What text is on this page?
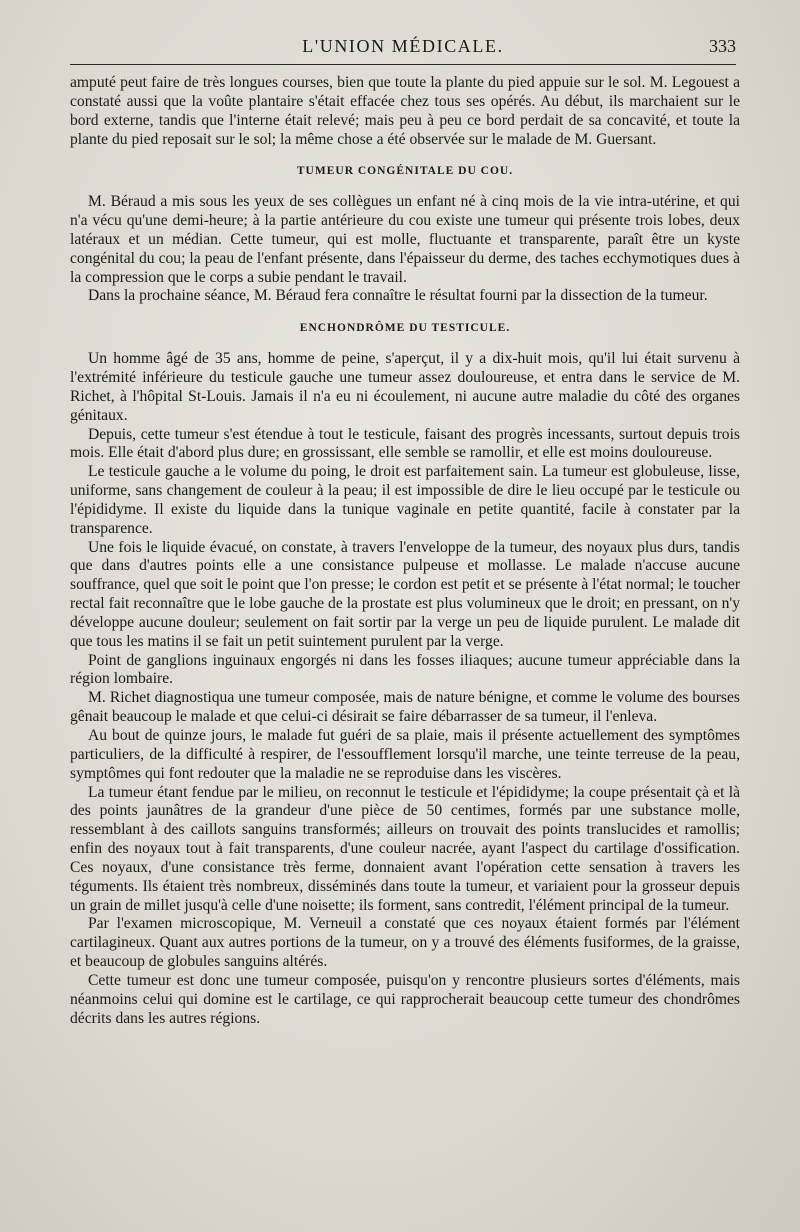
L'UNION MÉDICALE.	333

amputé peut faire de très longues courses, bien que toute la plante du pied appuie sur le sol. M. Legouest a constaté aussi que la voûte plantaire s'était effacée chez tous ses opérés. Au début, ils marchaient sur le bord externe, tandis que l'interne était relevé; mais peu à peu ce bord perdait de sa concavité, et toute la plante du pied reposait sur le sol; la même chose a été observée sur le malade de M. Guersant.

TUMEUR CONGÉNITALE DU COU.

M. Béraud a mis sous les yeux de ses collègues un enfant né à cinq mois de la vie intra-utérine, et qui n'a vécu qu'une demi-heure; à la partie antérieure du cou existe une tumeur qui présente trois lobes, deux latéraux et un médian. Cette tumeur, qui est molle, fluctuante et transparente, paraît être un kyste congénital du cou; la peau de l'enfant présente, dans l'épaisseur du derme, des taches ecchymotiques dues à la compression que le corps a subie pendant le travail.

Dans la prochaine séance, M. Béraud fera connaître le résultat fourni par la dissection de la tumeur.

ENCHONDRÔME DU TESTICULE.

Un homme âgé de 35 ans, homme de peine, s'aperçut, il y a dix-huit mois, qu'il lui était survenu à l'extrémité inférieure du testicule gauche une tumeur assez douloureuse, et entra dans le service de M. Richet, à l'hôpital St-Louis. Jamais il n'a eu ni écoulement, ni aucune autre maladie du côté des organes génitaux.

Depuis, cette tumeur s'est étendue à tout le testicule, faisant des progrès incessants, surtout depuis trois mois. Elle était d'abord plus dure; en grossissant, elle semble se ramollir, et elle est moins douloureuse.

Le testicule gauche a le volume du poing, le droit est parfaitement sain. La tumeur est globuleuse, lisse, uniforme, sans changement de couleur à la peau; il est impossible de dire le lieu occupé par le testicule ou l'épididyme. Il existe du liquide dans la tunique vaginale en petite quantité, facile à constater par la transparence.

Une fois le liquide évacué, on constate, à travers l'enveloppe de la tumeur, des noyaux plus durs, tandis que dans d'autres points elle a une consistance pulpeuse et mollasse. Le malade n'accuse aucune souffrance, quel que soit le point que l'on presse; le cordon est petit et se présente à l'état normal; le toucher rectal fait reconnaître que le lobe gauche de la prostate est plus volumineux que le droit; en pressant, on n'y développe aucune douleur; seulement on fait sortir par la verge un peu de liquide purulent. Le malade dit que tous les matins il se fait un petit suintement purulent par la verge.

Point de ganglions inguinaux engorgés ni dans les fosses iliaques; aucune tumeur appréciable dans la région lombaire.

M. Richet diagnostiqua une tumeur composée, mais de nature bénigne, et comme le volume des bourses gênait beaucoup le malade et que celui-ci désirait se faire débarrasser de sa tumeur, il l'enleva.

Au bout de quinze jours, le malade fut guéri de sa plaie, mais il présente actuellement des symptômes particuliers, de la difficulté à respirer, de l'essoufflement lorsqu'il marche, une teinte terreuse de la peau, symptômes qui font redouter que la maladie ne se reproduise dans les viscères.

La tumeur étant fendue par le milieu, on reconnut le testicule et l'épididyme; la coupe présentait çà et là des points jaunâtres de la grandeur d'une pièce de 50 centimes, formés par une substance molle, ressemblant à des caillots sanguins transformés; ailleurs on trouvait des points translucides et ramollis; enfin des noyaux tout à fait transparents, d'une couleur nacrée, ayant l'aspect du cartilage d'ossification. Ces noyaux, d'une consistance très ferme, donnaient avant l'opération cette sensation à travers les téguments. Ils étaient très nombreux, disséminés dans toute la tumeur, et variaient pour la grosseur depuis un grain de millet jusqu'à celle d'une noisette; ils forment, sans contredit, l'élément principal de la tumeur.

Par l'examen microscopique, M. Verneuil a constaté que ces noyaux étaient formés par l'élément cartilagineux. Quant aux autres portions de la tumeur, on y a trouvé des éléments fusiformes, de la graisse, et beaucoup de globules sanguins altérés.

Cette tumeur est donc une tumeur composée, puisqu'on y rencontre plusieurs sortes d'éléments, mais néanmoins celui qui domine est le cartilage, ce qui rapprocherait beaucoup cette tumeur des chondrômes décrits dans les autres régions.
